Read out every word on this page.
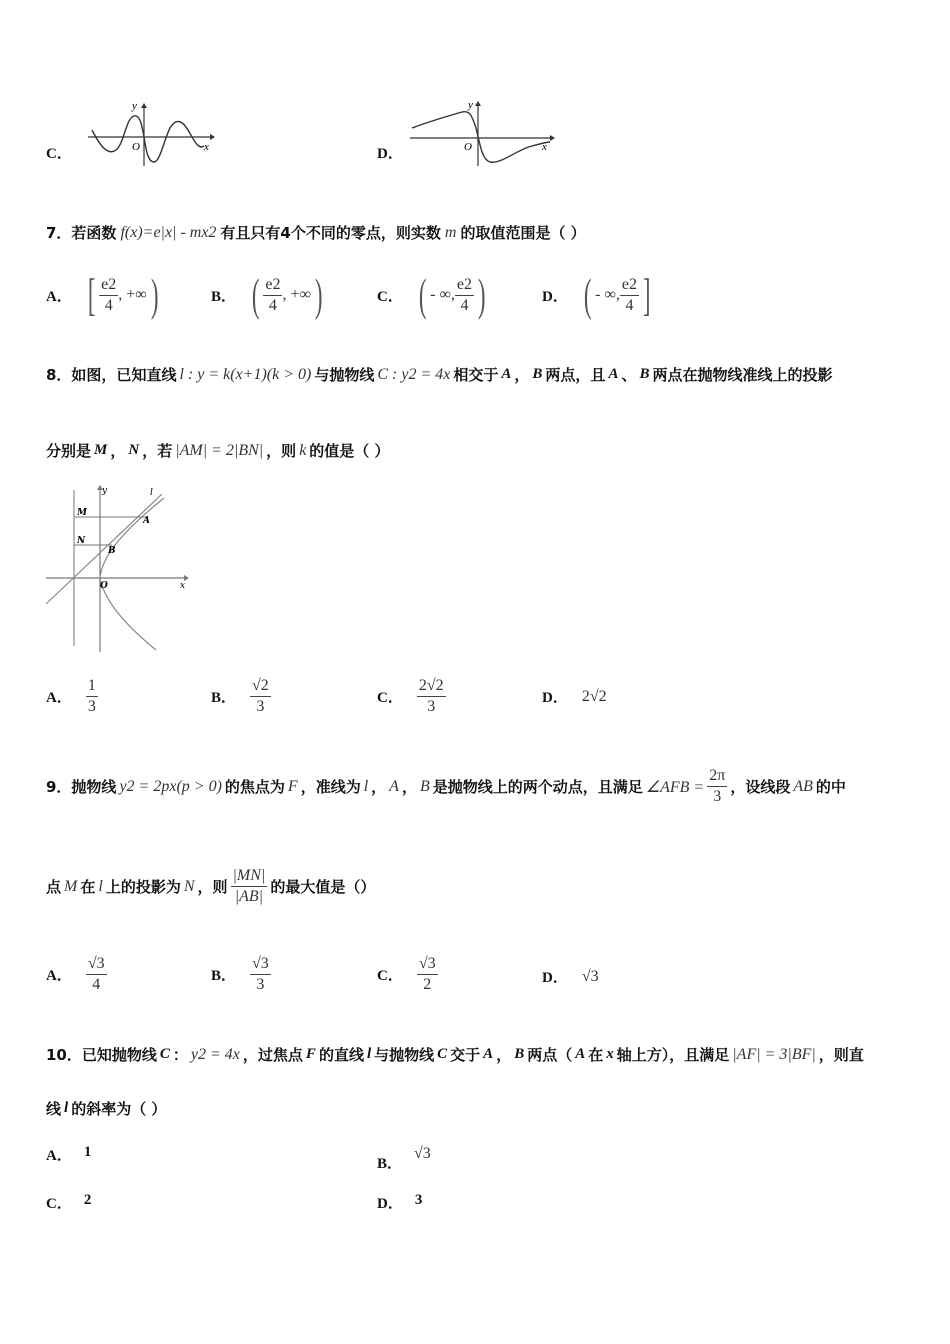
C．
y
O	x	D．
y
O	x
7．若函数 f(x)=e|x| - mx2 有且只有4个不同的零点，则实数 m 的取值范围是（ ）
A． [ $\frac{e2}{4}$ , +∞ )	B． ( $\frac{e2}{4}$ , +∞ )	C． ( - ∞, $\frac{e2}{4}$ )	D． ( - ∞, $\frac{e2}{4}$ ]
8．如图，已知直线 l : y = k(x+1)(k > 0) 与抛物线 C : y2 = 4x 相交于 A ， B 两点，且 A 、 B 两点在抛物线准线上的投影
分别是 M ， N ，若 |AM| = 2|BN| ，则 k 的值是（ ）
y	l
M
A
N
B
O	x
A． $\frac{1}{3}$	B． $\frac{√2}{3}$	C． $\frac{2√2}{3}$	D． 2√2
9．抛物线 y2 = 2px(p > 0) 的焦点为 F ，准线为 l ， A ， B 是抛物线上的两个动点，且满足 ∠AFB = $\frac{2\pi}{3}$ ，设线段 AB 的中
点 M 在 l 上的投影为 N ，则 $\frac{|MN|}{|AB|}$ 的最大值是（）
A． $\frac{√3}{4}$	B． $\frac{√3}{3}$	C． $\frac{√3}{2}$	D． √3
10．已知抛物线 C ： y2 = 4x ，过焦点 F 的直线 l 与抛物线 C 交于 A ， B 两点（ A 在 x 轴上方），且满足 |AF| = 3|BF| ，则直
线 l 的斜率为（ ）
A． 1
B．
√3
C． 2	D． 3
